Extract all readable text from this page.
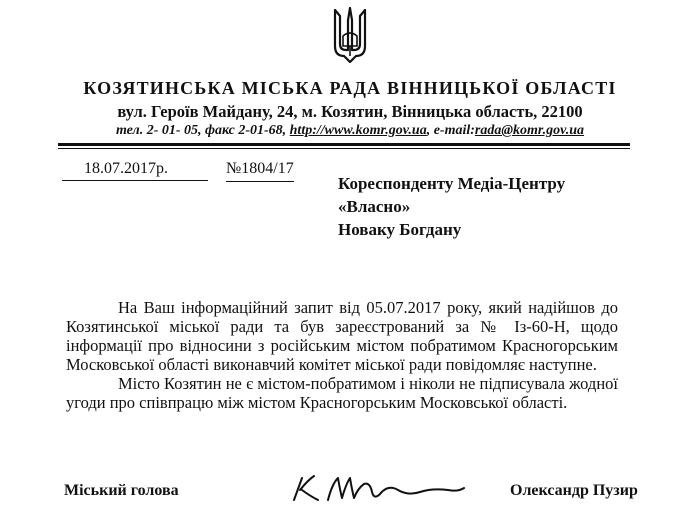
КОЗЯТИНСЬКА МІСЬКА РАДА ВІННИЦЬКОЇ ОБЛАСТІ
вул. Героїв Майдану, 24, м. Козятин, Вінницька область, 22100
тел. 2- 01- 05, факс 2-01-68, http://www.komr.gov.ua, e-mail:rada@komr.gov.ua
18.07.2017р.	№1804/17
Кореспонденту Медіа-Центру
«Власно»
Новаку Богдану

На Ваш інформаційний запит від 05.07.2017 року, який надійшов до Козятинської міської ради та був зареєстрований за № Із-60-Н, щодо інформації про відносини з російським містом побратимом Красногорським Московської області виконавчий комітет міської ради повідомляє наступне.

Місто Козятин не є містом-побратимом і ніколи не підписувала жодної угоди про співпрацю між містом Красногорським Московської області.

Міський голова	Олександр Пузир
